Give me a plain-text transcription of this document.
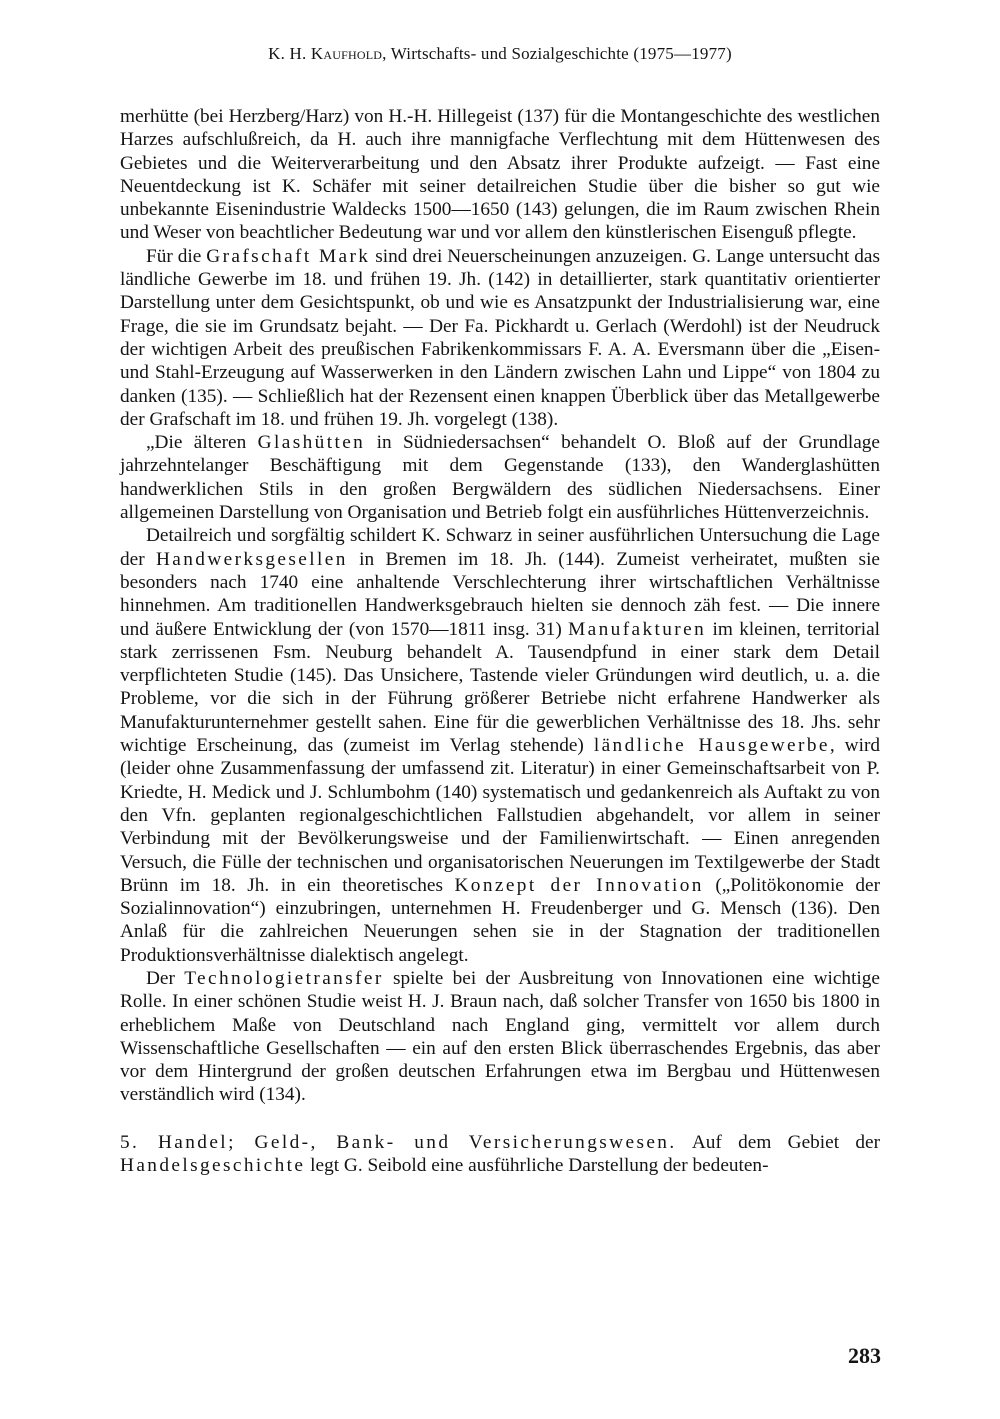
K. H. Kaufhold, Wirtschafts- und Sozialgeschichte (1975—1977)

merhütte (bei Herzberg/Harz) von H.-H. Hillegeist (137) für die Montangeschichte des westlichen Harzes aufschlußreich, da H. auch ihre mannigfache Verflechtung mit dem Hüttenwesen des Gebietes und die Weiterverarbeitung und den Absatz ihrer Produkte aufzeigt. — Fast eine Neuentdeckung ist K. Schäfer mit seiner detailreichen Studie über die bisher so gut wie unbekannte Eisenindustrie Waldecks 1500—1650 (143) gelungen, die im Raum zwischen Rhein und Weser von beachtlicher Bedeutung war und vor allem den künstlerischen Eisenguß pflegte.

Für die Grafschaft Mark sind drei Neuerscheinungen anzuzeigen. G. Lange untersucht das ländliche Gewerbe im 18. und frühen 19. Jh. (142) in detaillierter, stark quantitativ orientierter Darstellung unter dem Gesichtspunkt, ob und wie es Ansatzpunkt der Industrialisierung war, eine Frage, die sie im Grundsatz bejaht. — Der Fa. Pickhardt u. Gerlach (Werdohl) ist der Neudruck der wichtigen Arbeit des preußischen Fabrikenkommissars F. A. A. Eversmann über die „Eisen- und Stahl-Erzeugung auf Wasserwerken in den Ländern zwischen Lahn und Lippe“ von 1804 zu danken (135). — Schließlich hat der Rezensent einen knappen Überblick über das Metallgewerbe der Grafschaft im 18. und frühen 19. Jh. vorgelegt (138).

„Die älteren Glashütten in Südniedersachsen“ behandelt O. Bloß auf der Grundlage jahrzehntelanger Beschäftigung mit dem Gegenstande (133), den Wanderglashütten handwerklichen Stils in den großen Bergwäldern des südlichen Niedersachsens. Einer allgemeinen Darstellung von Organisation und Betrieb folgt ein ausführliches Hüttenverzeichnis.

Detailreich und sorgfältig schildert K. Schwarz in seiner ausführlichen Untersuchung die Lage der Handwerksgesellen in Bremen im 18. Jh. (144). Zumeist verheiratet, mußten sie besonders nach 1740 eine anhaltende Verschlechterung ihrer wirtschaftlichen Verhältnisse hinnehmen. Am traditionellen Handwerksgebrauch hielten sie dennoch zäh fest. — Die innere und äußere Entwicklung der (von 1570—1811 insg. 31) Manufakturen im kleinen, territorial stark zerrissenen Fsm. Neuburg behandelt A. Tausendpfund in einer stark dem Detail verpflichteten Studie (145). Das Unsichere, Tastende vieler Gründungen wird deutlich, u. a. die Probleme, vor die sich in der Führung größerer Betriebe nicht erfahrene Handwerker als Manufakturunternehmer gestellt sahen. Eine für die gewerblichen Verhältnisse des 18. Jhs. sehr wichtige Erscheinung, das (zumeist im Verlag stehende) ländliche Hausgewerbe, wird (leider ohne Zusammenfassung der umfassend zit. Literatur) in einer Gemeinschaftsarbeit von P. Kriedte, H. Medick und J. Schlumbohm (140) systematisch und gedankenreich als Auftakt zu von den Vfn. geplanten regionalgeschichtlichen Fallstudien abgehandelt, vor allem in seiner Verbindung mit der Bevölkerungsweise und der Familienwirtschaft. — Einen anregenden Versuch, die Fülle der technischen und organisatorischen Neuerungen im Textilgewerbe der Stadt Brünn im 18. Jh. in ein theoretisches Konzept der Innovation („Politökonomie der Sozialinnovation“) einzubringen, unternehmen H. Freudenberger und G. Mensch (136). Den Anlaß für die zahlreichen Neuerungen sehen sie in der Stagnation der traditionellen Produktionsverhältnisse dialektisch angelegt.

Der Technologietransfer spielte bei der Ausbreitung von Innovationen eine wichtige Rolle. In einer schönen Studie weist H. J. Braun nach, daß solcher Transfer von 1650 bis 1800 in erheblichem Maße von Deutschland nach England ging, vermittelt vor allem durch Wissenschaftliche Gesellschaften — ein auf den ersten Blick überraschendes Ergebnis, das aber vor dem Hintergrund der großen deutschen Erfahrungen etwa im Bergbau und Hüttenwesen verständlich wird (134).

5. Handel; Geld-, Bank- und Versicherungswesen. Auf dem Gebiet der Handelsgeschichte legt G. Seibold eine ausführliche Darstellung der bedeuten-

283
